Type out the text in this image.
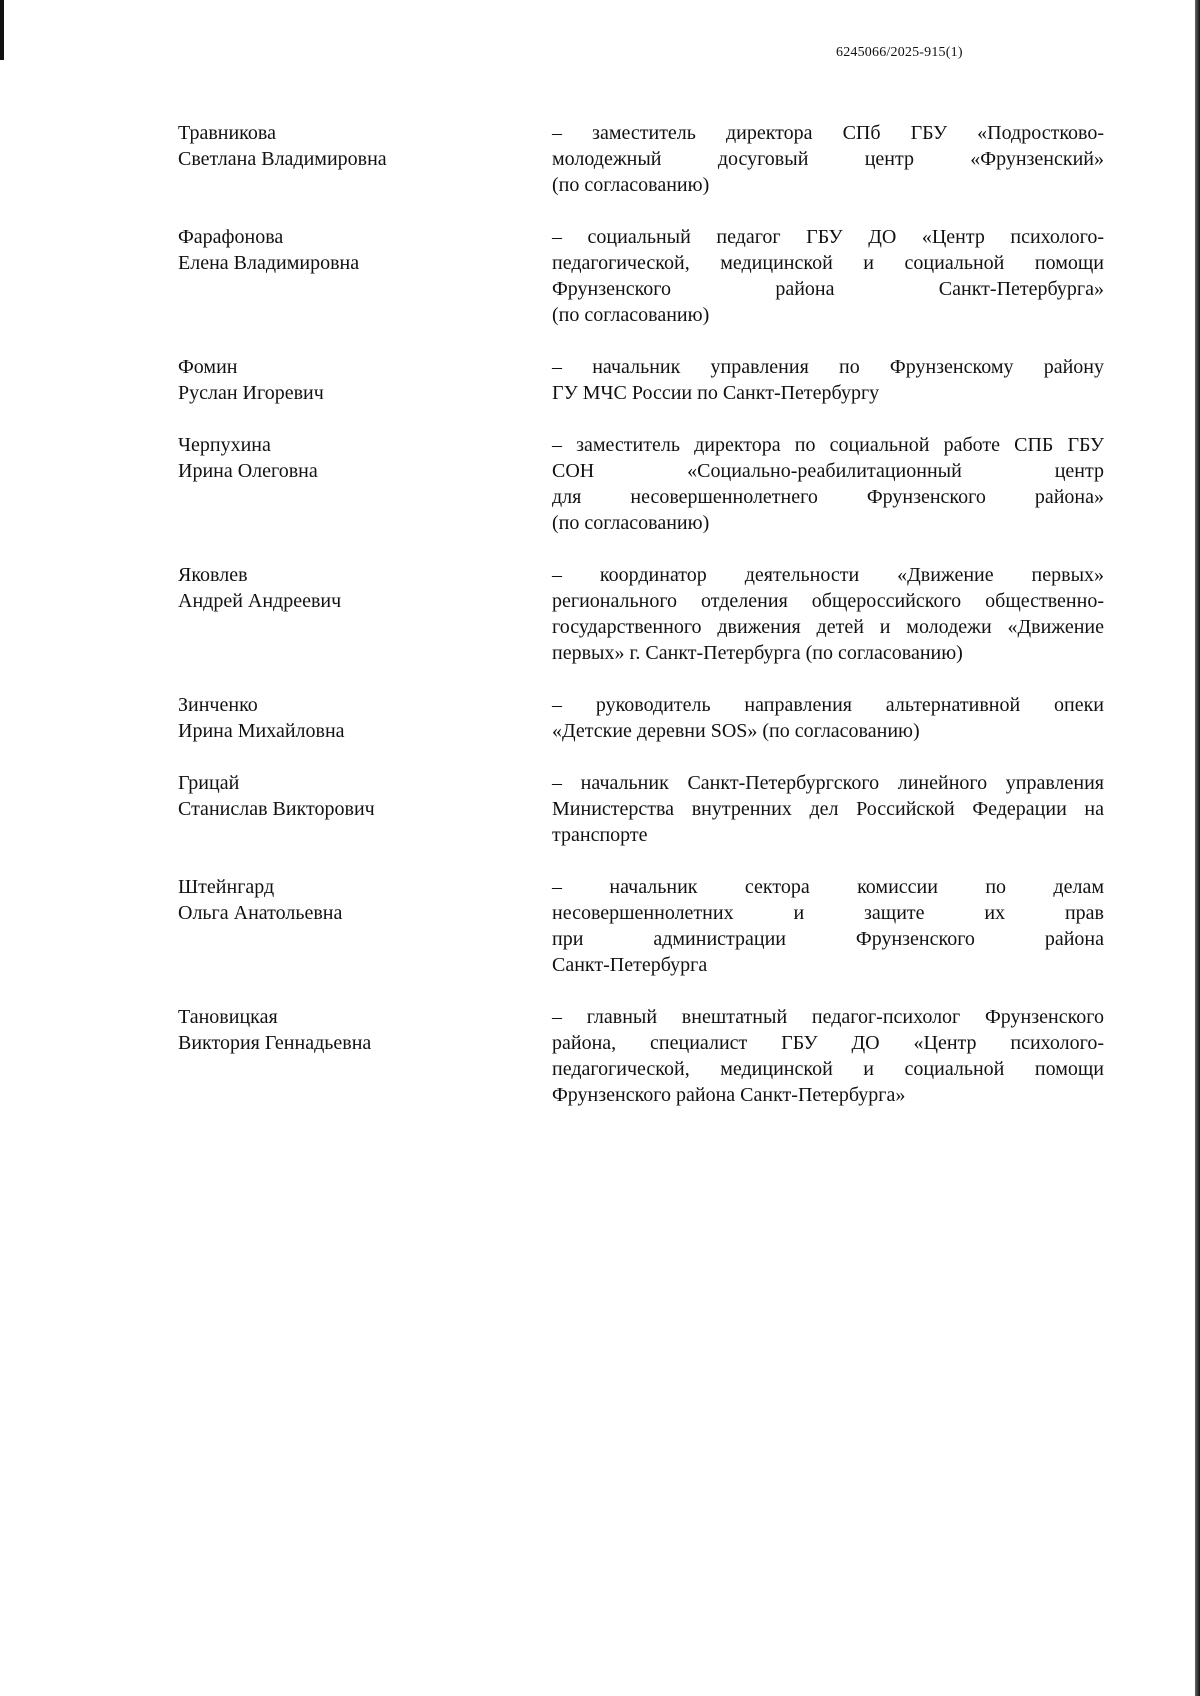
6245066/2025-915(1)
Травникова
Светлана Владимировна
– заместитель директора СПб ГБУ «Подростково-
молодежный досуговый центр «Фрунзенский»
(по согласованию)
Фарафонова
Елена Владимировна
– социальный педагог ГБУ ДО «Центр психолого-
педагогической, медицинской и социальной помощи
Фрунзенского района Санкт-Петербурга»
(по согласованию)
Фомин
Руслан Игоревич
– начальник управления по Фрунзенскому району
ГУ МЧС России по Санкт-Петербургу
Черпухина
Ирина Олеговна
– заместитель директора по социальной работе СПБ ГБУ
СОН «Социально-реабилитационный центр
для несовершеннолетнего Фрунзенского района»
(по согласованию)
Яковлев
Андрей Андреевич
– координатор деятельности «Движение первых»
регионального отделения общероссийского общественно-
государственного движения детей и молодежи «Движение
первых» г. Санкт-Петербурга (по согласованию)
Зинченко
Ирина Михайловна
– руководитель направления альтернативной опеки
«Детские деревни SOS» (по согласованию)
Грицай
Станислав Викторович
– начальник Санкт-Петербургского линейного управления
Министерства внутренних дел Российской Федерации на
транспорте
Штейнгард
Ольга Анатольевна
– начальник сектора комиссии по делам
несовершеннолетних и защите их прав
при администрации Фрунзенского района
Санкт-Петербурга
Тановицкая
Виктория Геннадьевна
– главный внештатный педагог-психолог Фрунзенского
района, специалист ГБУ ДО «Центр психолого-
педагогической, медицинской и социальной помощи
Фрунзенского района Санкт-Петербурга»
